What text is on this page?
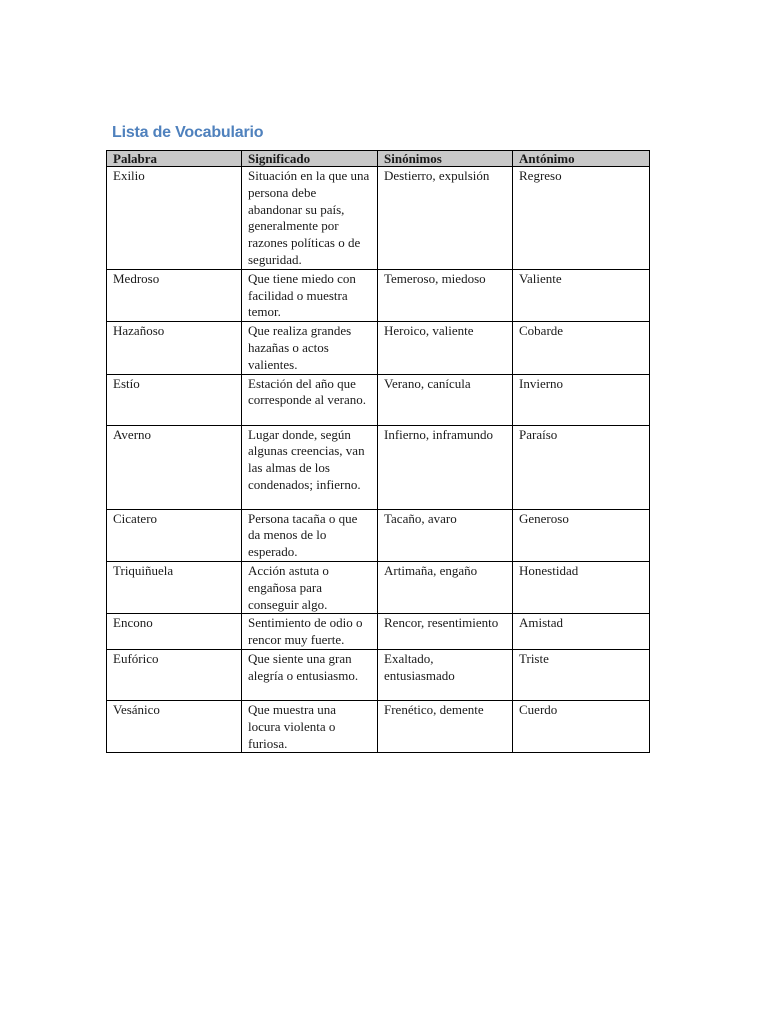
Lista de Vocabulario
Palabra	Significado	Sinónimos	Antónimo
Exilio	Situación en la que una persona debe abandonar su país, generalmente por razones políticas o de seguridad.	Destierro, expulsión	Regreso
Medroso	Que tiene miedo con facilidad o muestra temor.	Temeroso, miedoso	Valiente
Hazañoso	Que realiza grandes hazañas o actos valientes.	Heroico, valiente	Cobarde
Estío	Estación del año que corresponde al verano.	Verano, canícula	Invierno
Averno	Lugar donde, según algunas creencias, van las almas de los condenados; infierno.	Infierno, inframundo	Paraíso
Cicatero	Persona tacaña o que da menos de lo esperado.	Tacaño, avaro	Generoso
Triquiñuela	Acción astuta o engañosa para conseguir algo.	Artimaña, engaño	Honestidad
Encono	Sentimiento de odio o rencor muy fuerte.	Rencor, resentimiento	Amistad
Eufórico	Que siente una gran alegría o entusiasmo.	Exaltado, entusiasmado	Triste
Vesánico	Que muestra una locura violenta o furiosa.	Frenético, demente	Cuerdo
